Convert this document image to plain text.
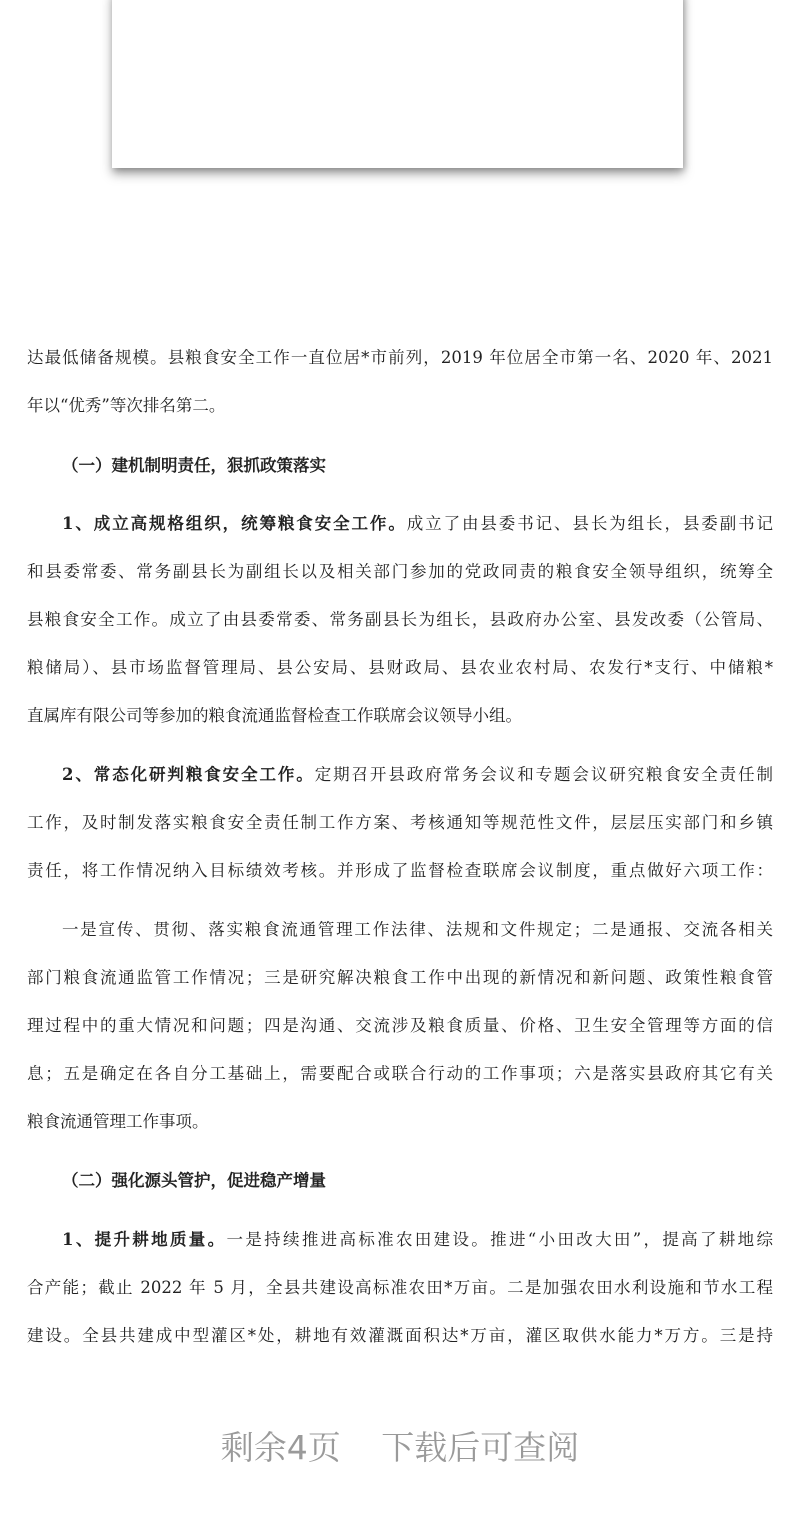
达最低储备规模。县粮食安全工作一直位居*市前列，2019 年位居全市第一名、2020 年、2021
年以“优秀”等次排名第二。
（一）建机制明责任，狠抓政策落实
1、成立高规格组织，统筹粮食安全工作。成立了由县委书记、县长为组长，县委副书记
和县委常委、常务副县长为副组长以及相关部门参加的党政同责的粮食安全领导组织，统筹全
县粮食安全工作。成立了由县委常委、常务副县长为组长，县政府办公室、县发改委（公管局、
粮储局）、县市场监督管理局、县公安局、县财政局、县农业农村局、农发行*支行、中储粮*
直属库有限公司等参加的粮食流通监督检查工作联席会议领导小组。
2、常态化研判粮食安全工作。定期召开县政府常务会议和专题会议研究粮食安全责任制
工作，及时制发落实粮食安全责任制工作方案、考核通知等规范性文件，层层压实部门和乡镇
责任，将工作情况纳入目标绩效考核。并形成了监督检查联席会议制度，重点做好六项工作：
一是宣传、贯彻、落实粮食流通管理工作法律、法规和文件规定；二是通报、交流各相关
部门粮食流通监管工作情况；三是研究解决粮食工作中出现的新情况和新问题、政策性粮食管
理过程中的重大情况和问题；四是沟通、交流涉及粮食质量、价格、卫生安全管理等方面的信
息；五是确定在各自分工基础上，需要配合或联合行动的工作事项；六是落实县政府其它有关
粮食流通管理工作事项。
（二）强化源头管护，促进稳产增量
1、提升耕地质量。一是持续推进高标准农田建设。推进“小田改大田”，提高了耕地综
合产能；截止 2022 年 5 月，全县共建设高标准农田*万亩。二是加强农田水利设施和节水工程
建设。全县共建成中型灌区*处，耕地有效灌溉面积达*万亩，灌区取供水能力*万方。三是持
剩余4页 下载后可查阅
